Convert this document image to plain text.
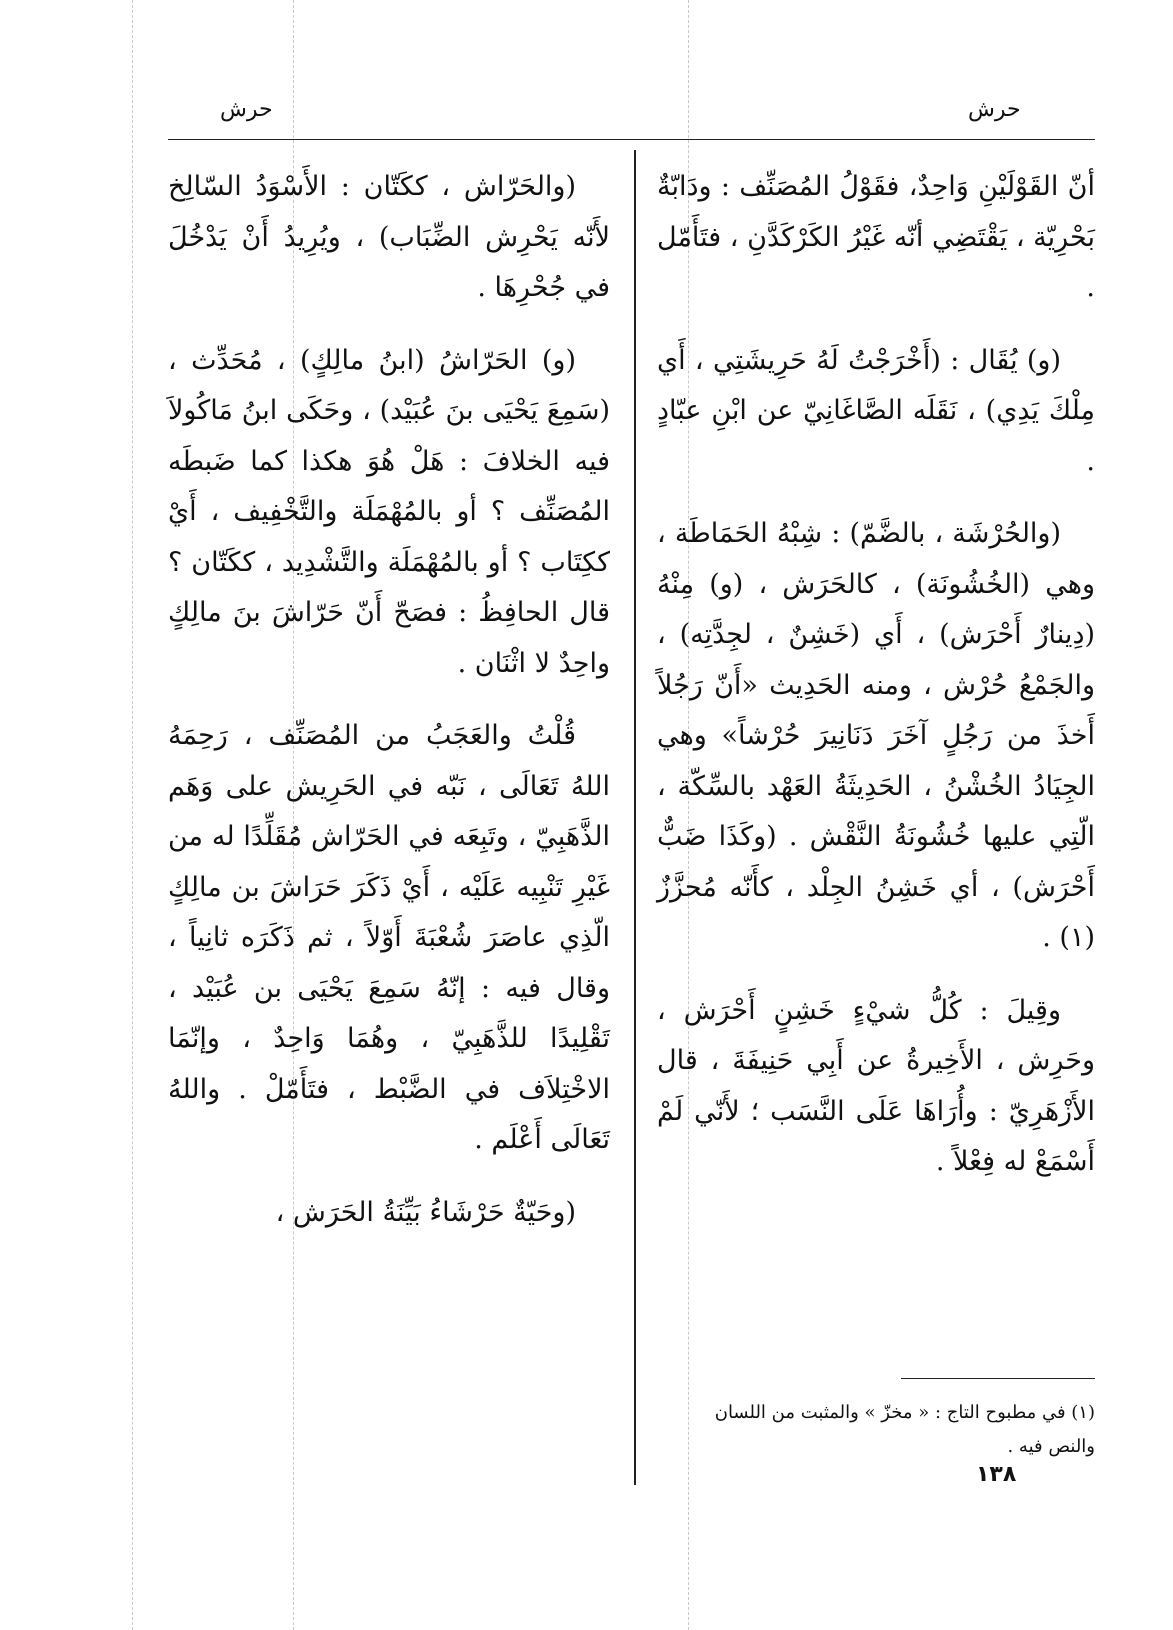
حرش
حرش

أنّ القَوْلَيْنِ وَاحِدٌ، فقَوْلُ المُصَنِّف : ودَابّةٌ بَحْرِيّة ، يَقْتَضِي أنّه غَيْرُ الكَرْكَدَّنِ ، فتَأَمّل .

(و) يُقَال : (أَخْرَجْتُ لَهُ حَرِيشَتِي ، أَي مِلْكَ يَدِي) ، نَقَلَه الصَّاغَانِيّ عن ابْنِ عبّادٍ .

(والحُرْشَة ، بالضَّمّ) : شِبْهُ الحَمَاطَة ، وهي (الخُشُونَة) ، كالحَرَش ، (و) مِنْهُ (دِينارٌ أَحْرَش) ، أَي (خَشِنٌ ، لجِدَّتِه) ، والجَمْعُ حُرْش ، ومنه الحَدِيث «أَنّ رَجُلاً أَخذَ من رَجُلٍ آخَرَ دَنَانِيرَ حُرْشاً» وهي الجِيَادُ الخُشْنُ ، الحَدِيثَةُ العَهْد بالسِّكّة ، الّتِي عليها خُشُونَةُ النَّقْش . (وكَذَا ضَبٌّ أَحْرَش) ، أي خَشِنُ الجِلْد ، كأَنّه مُحزَّزٌ (١) .

وقِيلَ : كُلُّ شيْءٍ خَشِنٍ أَحْرَش ، وحَرِش ، الأَخِيرةُ عن أَبِي حَنِيفَةَ ، قال الأَزْهَرِيّ : وأُرَاهَا عَلَى النَّسَب ؛ لأَنّي لَمْ أَسْمَعْ له فِعْلاً .

(والحَرّاش ، ككَتّان : الأَسْوَدُ السّالِخ لأَنّه يَحْرِش الضِّبَاب) ، ويُرِيدُ أَنْ يَدْخُلَ في جُحْرِهَا .

(و) الحَرّاشُ (ابنُ مالِكٍ) ، مُحَدِّث ، (سَمِعَ يَحْيَى بنَ عُبَيْد) ، وحَكَى ابنُ مَاكُولاَ فيه الخلافَ : هَلْ هُوَ هكذا كما ضَبطَه المُصَنِّف ؟ أو بالمُهْمَلَة والتَّخْفِيف ، أَيْ ككِتَاب ؟ أو بالمُهْمَلَة والتَّشْدِيد ، ككَتّان ؟ قال الحافِظُ : فصَحّ أَنّ حَرّاشَ بنَ مالِكٍ واحِدٌ لا اثْنَان .

قُلْتُ والعَجَبُ من المُصَنِّف ، رَحِمَهُ اللهُ تَعَالَى ، نَبّه في الحَرِيش على وَهَم الذَّهَبِيّ ، وتَبِعَه في الحَرّاش مُقَلِّدًا له من غَيْرِ تَنْبِيه عَلَيْه ، أَيْ ذَكَرَ حَرَاشَ بن مالِكٍ الّذِي عاصَرَ شُعْبَةَ أَوّلاً ، ثم ذَكَرَه ثانِياً ، وقال فيه : إنّهُ سَمِعَ يَحْيَى بن عُبَيْد ، تَقْلِيدًا للذَّهَبِيّ ، وهُمَا وَاحِدٌ ، وإنّمَا الاخْتِلاَف في الضَّبْط ، فتَأَمّلْ . واللهُ تَعَالَى أَعْلَم .

(وحَيّةٌ حَرْشَاءُ بَيِّنَةُ الحَرَش ،

(١) في مطبوح التاج : « مخزّ » والمثبت من اللسان والنص فيه .
١٣٨
